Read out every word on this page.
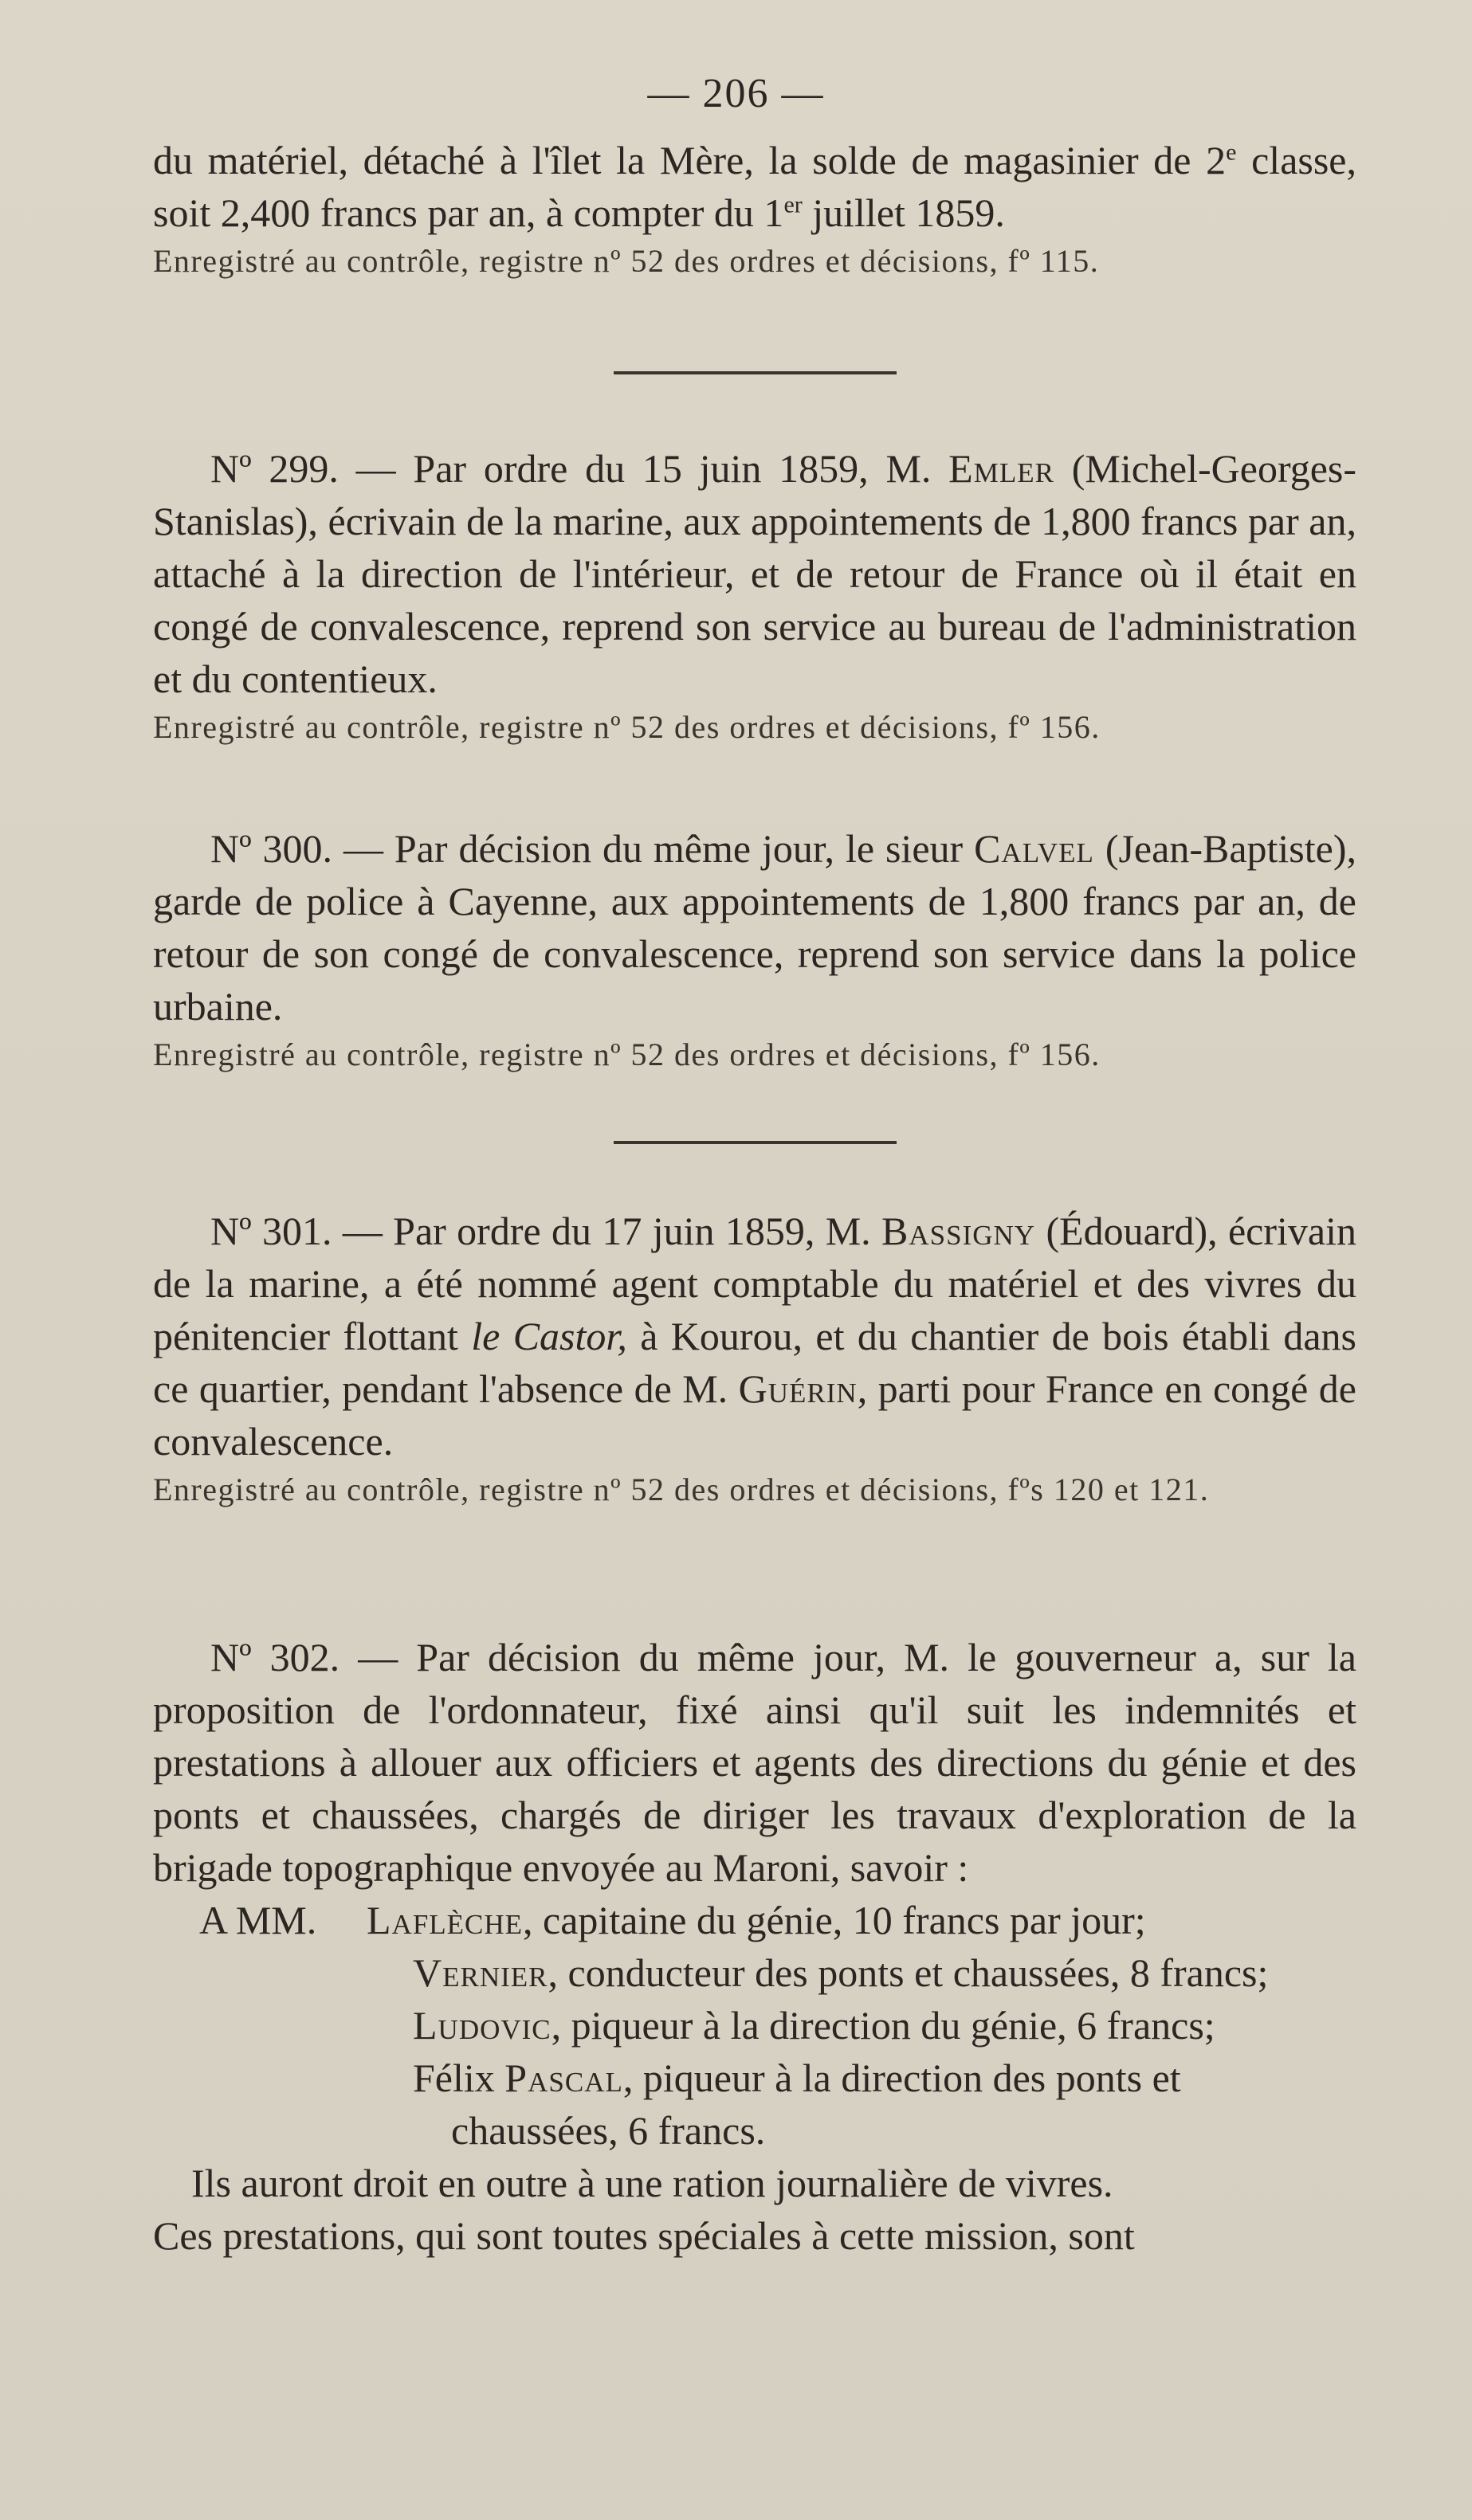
— 206 —

du matériel, détaché à l'îlet la Mère, la solde de magasinier de 2e classe, soit 2,400 francs par an, à compter du 1er juillet 1859.

Enregistré au contrôle, registre nº 52 des ordres et décisions, fº 115.

Nº 299. — Par ordre du 15 juin 1859, M. Emler (Michel-Georges-Stanislas), écrivain de la marine, aux appointements de 1,800 francs par an, attaché à la direction de l'intérieur, et de retour de France où il était en congé de convalescence, reprend son service au bureau de l'administration et du contentieux.

Enregistré au contrôle, registre nº 52 des ordres et décisions, fº 156.

Nº 300. — Par décision du même jour, le sieur Calvel (Jean-Baptiste), garde de police à Cayenne, aux appointements de 1,800 francs par an, de retour de son congé de convalescence, reprend son service dans la police urbaine.

Enregistré au contrôle, registre nº 52 des ordres et décisions, fº 156.

Nº 301. — Par ordre du 17 juin 1859, M. Bassigny (Édouard), écrivain de la marine, a été nommé agent comptable du matériel et des vivres du pénitencier flottant le Castor, à Kourou, et du chantier de bois établi dans ce quartier, pendant l'absence de M. Guérin, parti pour France en congé de convalescence.

Enregistré au contrôle, registre nº 52 des ordres et décisions, fºs 120 et 121.

Nº 302. — Par décision du même jour, M. le gouverneur a, sur la proposition de l'ordonnateur, fixé ainsi qu'il suit les indemnités et prestations à allouer aux officiers et agents des directions du génie et des ponts et chaussées, chargés de diriger les travaux d'exploration de la brigade topographique envoyée au Maroni, savoir :

A MM. Laflèche, capitaine du génie, 10 francs par jour;

Vernier, conducteur des ponts et chaussées, 8 francs;

Ludovic, piqueur à la direction du génie, 6 francs;

Félix Pascal, piqueur à la direction des ponts et

chaussées, 6 francs.

Ils auront droit en outre à une ration journalière de vivres.

Ces prestations, qui sont toutes spéciales à cette mission, sont
